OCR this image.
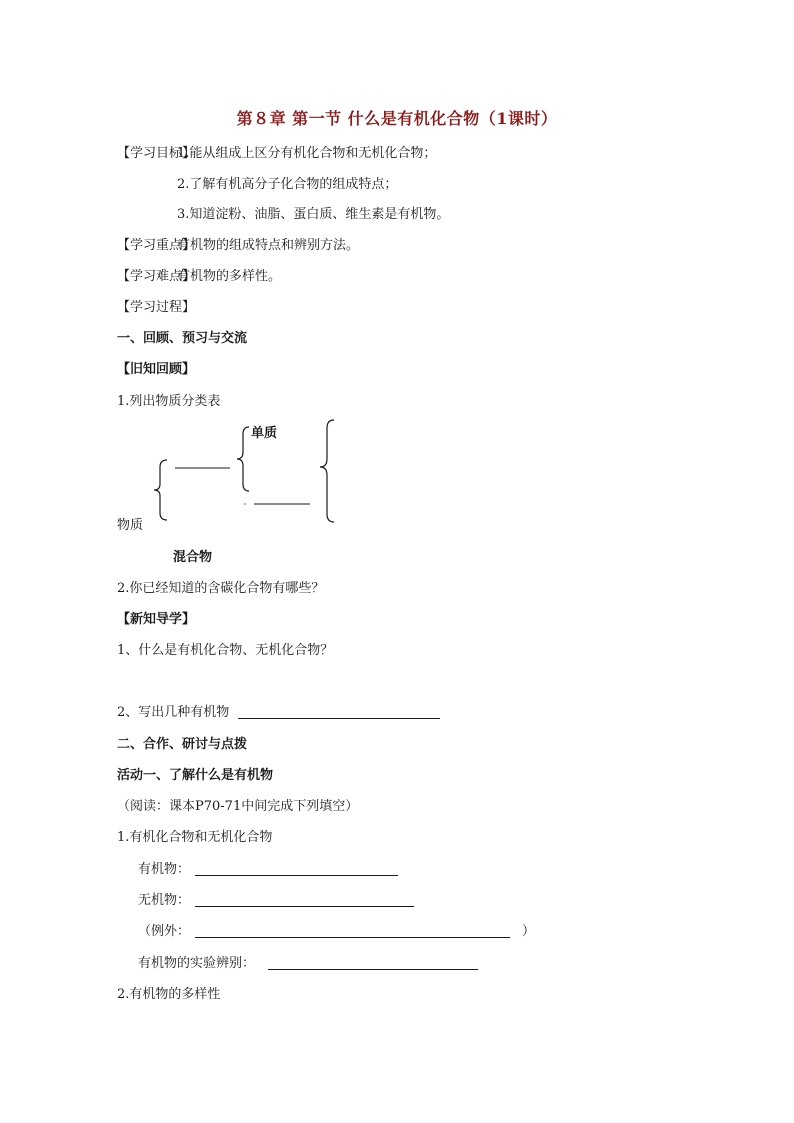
第８章 第一节 什么是有机化合物（1课时）
【学习目标】
1.能从组成上区分有机化合物和无机化合物；
2.了解有机高分子化合物的组成特点；
3.知道淀粉、油脂、蛋白质、维生素是有机物。
【学习重点】
有机物的组成特点和辨别方法。
【学习难点】
有机物的多样性。
【学习过程】
一、回顾、预习与交流
【旧知回顾】
1.列出物质分类表
单质
物质
混合物
2.你已经知道的含碳化合物有哪些？
【新知导学】
1、什么是有机化合物、无机化合物？
2、写出几种有机物
二、合作、研讨与点拨
活动一、了解什么是有机物
（阅读：课本P70-71中间完成下列填空）
1.有机化合物和无机化合物
有机物：
无机物：
（例外：	）
有机物的实验辨别：
2.有机物的多样性
